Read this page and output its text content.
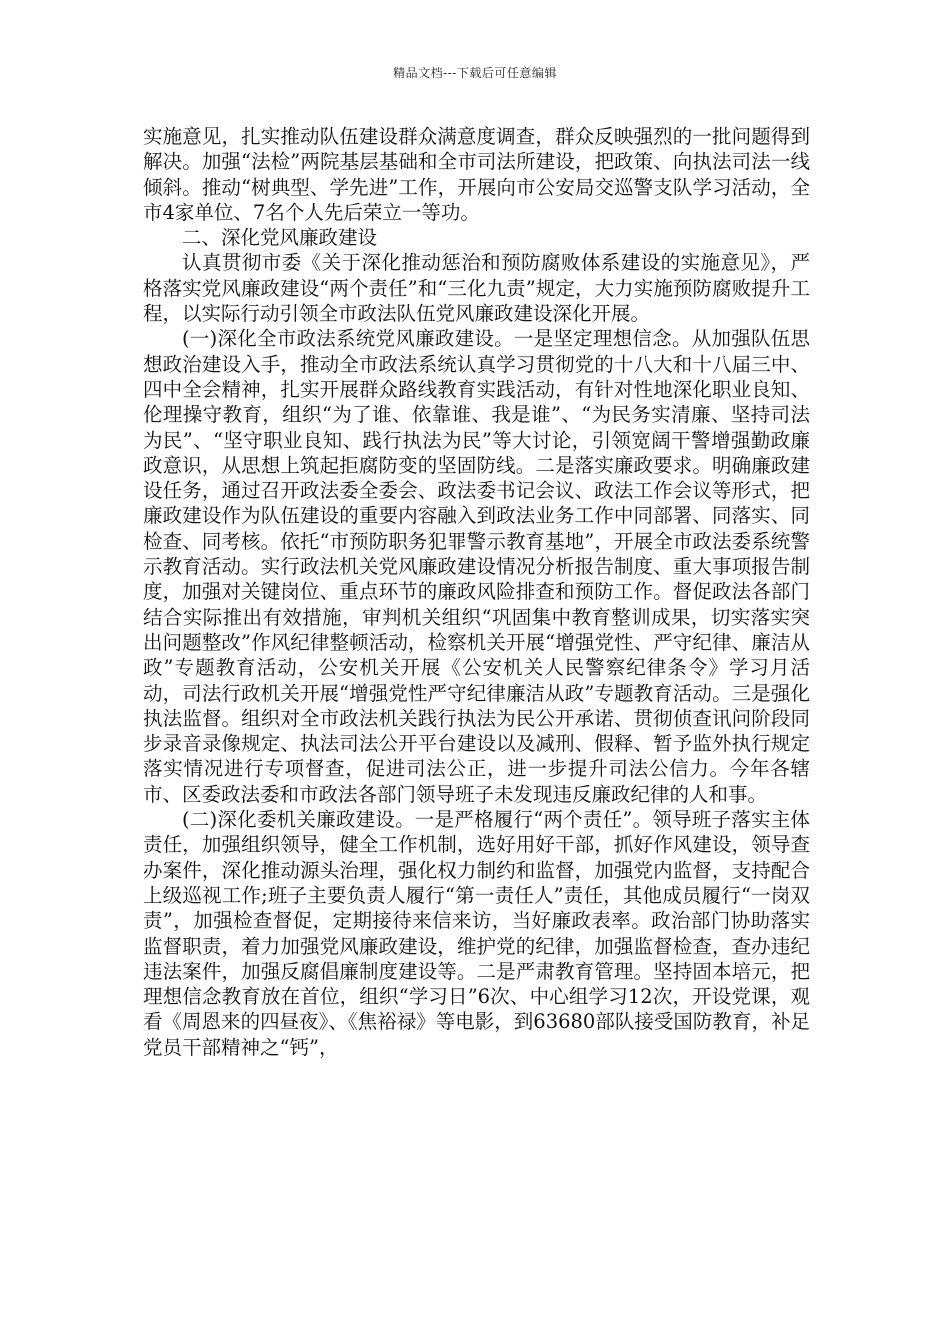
精品文档---下载后可任意编辑

实施意见，扎实推动队伍建设群众满意度调查，群众反映强烈的一批问题得到解决。加强“法检”两院基层基础和全市司法所建设，把政策、向执法司法一线倾斜。推动“树典型、学先进”工作，开展向市公安局交巡警支队学习活动，全市4家单位、7名个人先后荣立一等功。

二、深化党风廉政建设

认真贯彻市委《关于深化推动惩治和预防腐败体系建设的实施意见》，严格落实党风廉政建设“两个责任”和“三化九责”规定，大力实施预防腐败提升工程，以实际行动引领全市政法队伍党风廉政建设深化开展。

(一)深化全市政法系统党风廉政建设。一是坚定理想信念。从加强队伍思想政治建设入手，推动全市政法系统认真学习贯彻党的十八大和十八届三中、四中全会精神，扎实开展群众路线教育实践活动，有针对性地深化职业良知、伦理操守教育，组织“为了谁、依靠谁、我是谁”、“为民务实清廉、坚持司法为民”、“坚守职业良知、践行执法为民”等大讨论，引领宽阔干警增强勤政廉政意识，从思想上筑起拒腐防变的坚固防线。二是落实廉政要求。明确廉政建设任务，通过召开政法委全委会、政法委书记会议、政法工作会议等形式，把廉政建设作为队伍建设的重要内容融入到政法业务工作中同部署、同落实、同检查、同考核。依托“市预防职务犯罪警示教育基地”，开展全市政法委系统警示教育活动。实行政法机关党风廉政建设情况分析报告制度、重大事项报告制度，加强对关键岗位、重点环节的廉政风险排查和预防工作。督促政法各部门结合实际推出有效措施，审判机关组织“巩固集中教育整训成果，切实落实突出问题整改”作风纪律整顿活动，检察机关开展“增强党性、严守纪律、廉洁从政”专题教育活动，公安机关开展《公安机关人民警察纪律条令》学习月活动，司法行政机关开展“增强党性严守纪律廉洁从政”专题教育活动。三是强化执法监督。组织对全市政法机关践行执法为民公开承诺、贯彻侦查讯问阶段同步录音录像规定、执法司法公开平台建设以及减刑、假释、暂予监外执行规定落实情况进行专项督查，促进司法公正，进一步提升司法公信力。今年各辖市、区委政法委和市政法各部门领导班子未发现违反廉政纪律的人和事。

(二)深化委机关廉政建设。一是严格履行“两个责任”。领导班子落实主体责任，加强组织领导，健全工作机制，选好用好干部，抓好作风建设，领导查办案件，深化推动源头治理，强化权力制约和监督，加强党内监督，支持配合上级巡视工作;班子主要负责人履行“第一责任人”责任，其他成员履行“一岗双责”，加强检查督促，定期接待来信来访，当好廉政表率。政治部门协助落实监督职责，着力加强党风廉政建设，维护党的纪律，加强监督检查，查办违纪违法案件，加强反腐倡廉制度建设等。二是严肃教育管理。坚持固本培元，把理想信念教育放在首位，组织“学习日”6次、中心组学习12次，开设党课，观看《周恩来的四昼夜》、《焦裕禄》等电影，到63680部队接受国防教育，补足党员干部精神之“钙”，
